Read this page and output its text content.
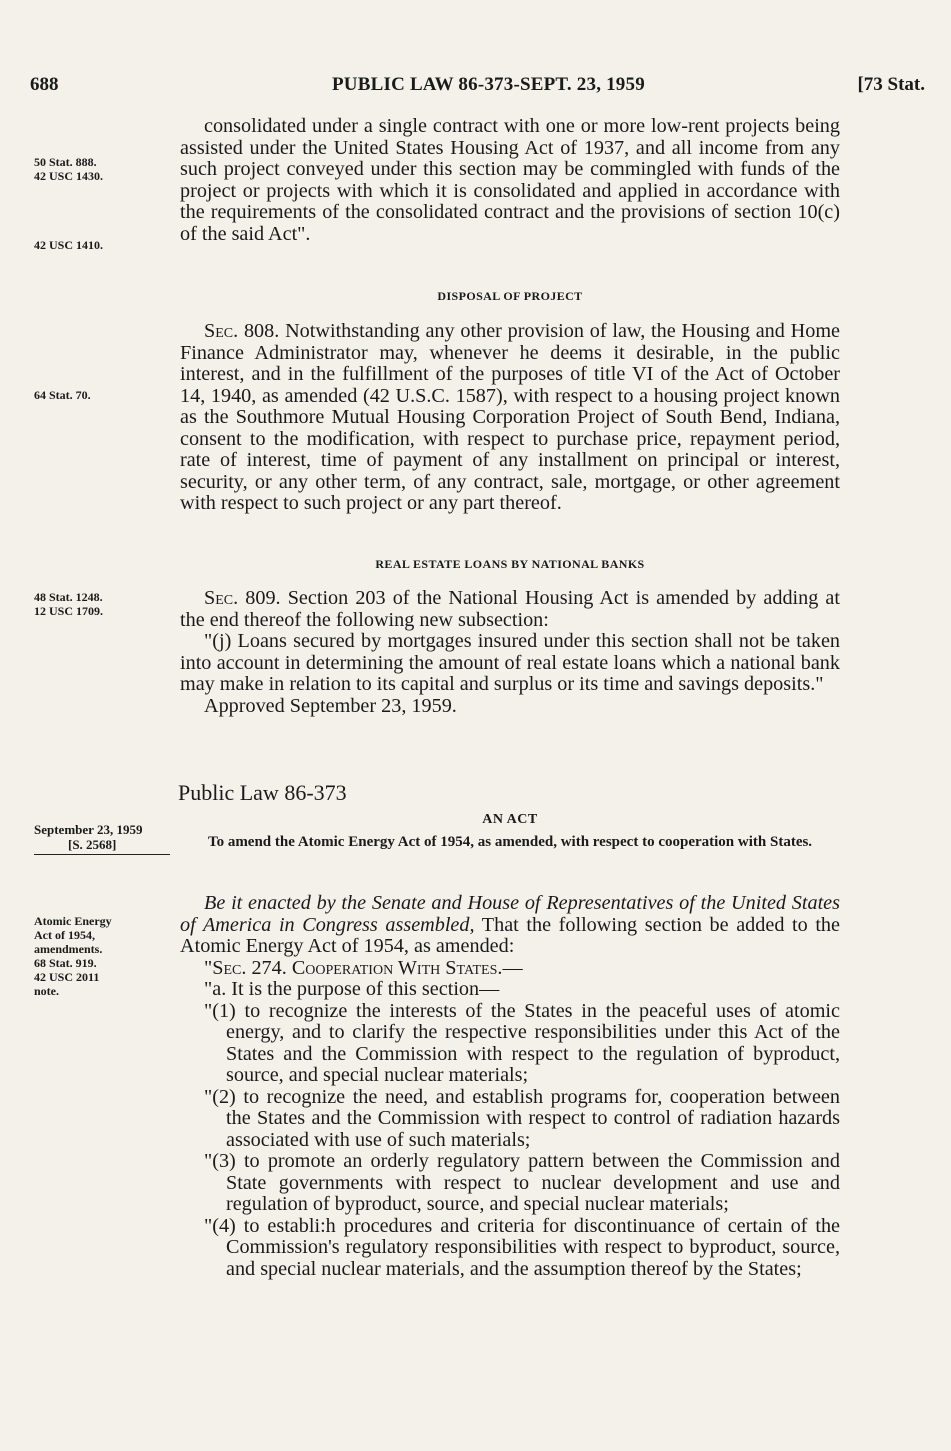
688	PUBLIC LAW 86-373-SEPT. 23, 1959	[73 Stat.
50 Stat. 888.
42 USC 1430.
42 USC 1410.
64 Stat. 70.
48 Stat. 1248.
12 USC 1709.
September 23, 1959
[S. 2568]
Atomic Energy
Act of 1954,
amendments.
68 Stat. 919.
42 USC 2011
note.

consolidated under a single contract with one or more low-rent projects being assisted under the United States Housing Act of 1937, and all income from any such project conveyed under this section may be commingled with funds of the project or projects with which it is consolidated and applied in accordance with the requirements of the consolidated contract and the provisions of section 10(c) of the said Act".

DISPOSAL OF PROJECT

Sec. 808. Notwithstanding any other provision of law, the Housing and Home Finance Administrator may, whenever he deems it desirable, in the public interest, and in the fulfillment of the purposes of title VI of the Act of October 14, 1940, as amended (42 U.S.C. 1587), with respect to a housing project known as the Southmore Mutual Housing Corporation Project of South Bend, Indiana, consent to the modification, with respect to purchase price, repayment period, rate of interest, time of payment of any installment on principal or interest, security, or any other term, of any contract, sale, mortgage, or other agreement with respect to such project or any part thereof.

REAL ESTATE LOANS BY NATIONAL BANKS

Sec. 809. Section 203 of the National Housing Act is amended by adding at the end thereof the following new subsection:

"(j) Loans secured by mortgages insured under this section shall not be taken into account in determining the amount of real estate loans which a national bank may make in relation to its capital and surplus or its time and savings deposits."

Approved September 23, 1959.

Public Law 86-373
AN ACT
To amend the Atomic Energy Act of 1954, as amended, with respect to cooperation with States.

Be it enacted by the Senate and House of Representatives of the United States of America in Congress assembled, That the following section be added to the Atomic Energy Act of 1954, as amended:

"Sec. 274. Cooperation With States.—

"a. It is the purpose of this section—

"(1) to recognize the interests of the States in the peaceful uses of atomic energy, and to clarify the respective responsibilities under this Act of the States and the Commission with respect to the regulation of byproduct, source, and special nuclear materials;

"(2) to recognize the need, and establish programs for, cooperation between the States and the Commission with respect to control of radiation hazards associated with use of such materials;

"(3) to promote an orderly regulatory pattern between the Commission and State governments with respect to nuclear development and use and regulation of byproduct, source, and special nuclear materials;

"(4) to establi:h procedures and criteria for discontinuance of certain of the Commission's regulatory responsibilities with respect to byproduct, source, and special nuclear materials, and the assumption thereof by the States;
